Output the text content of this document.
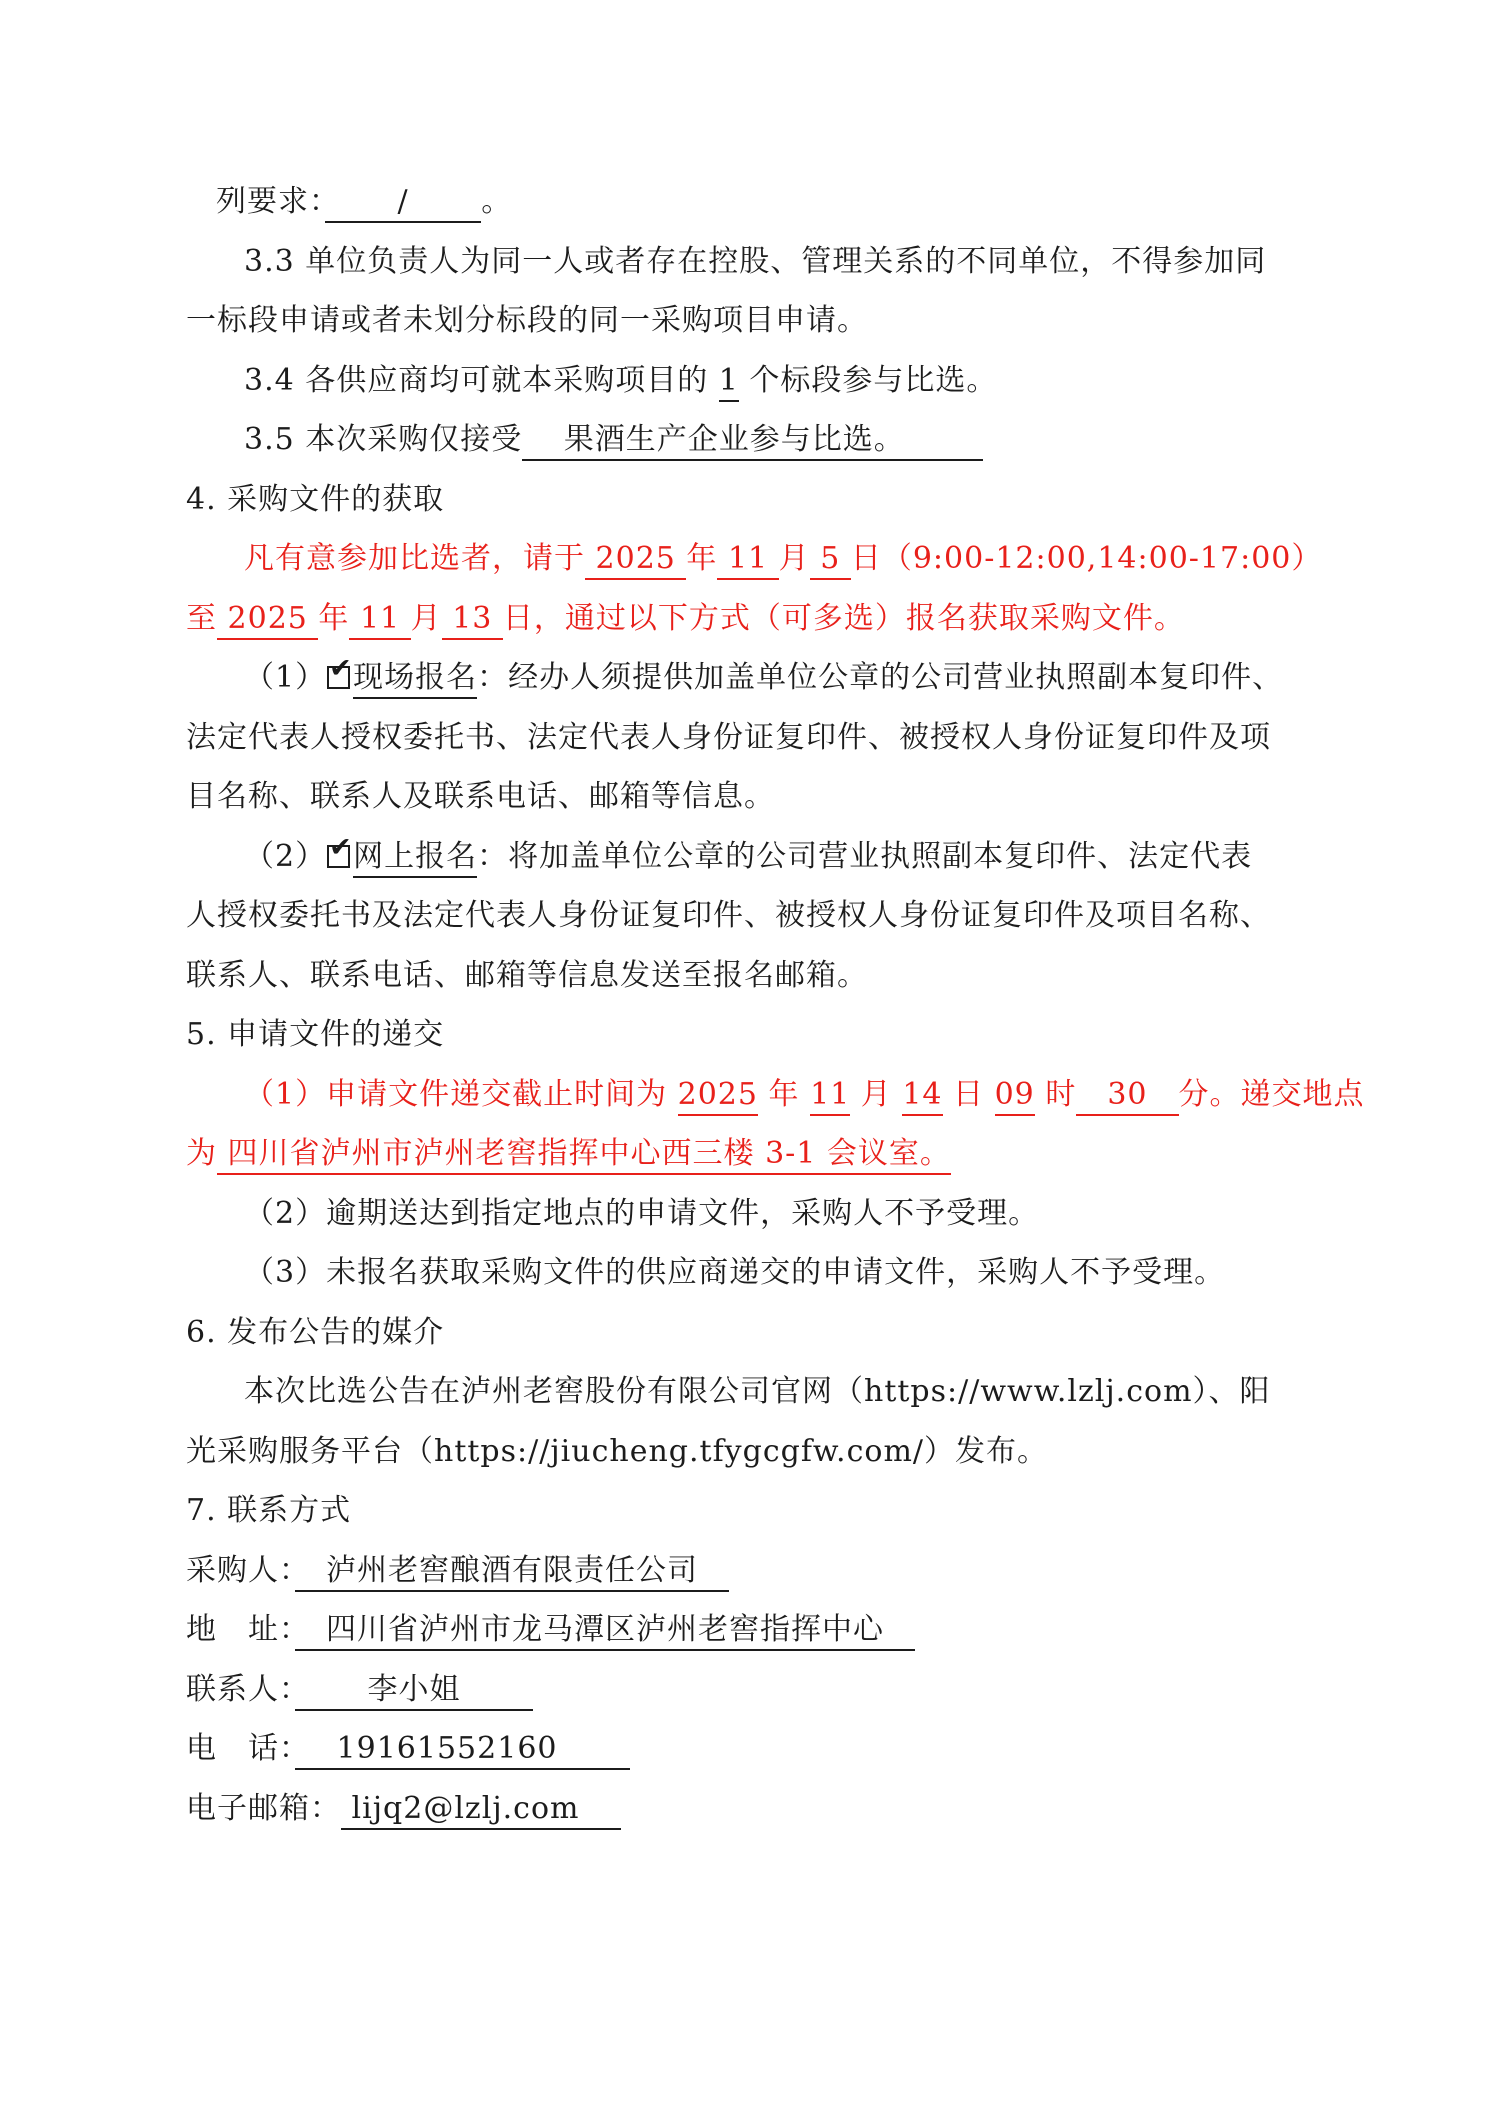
列要求：　　 / 　　。
3.3 单位负责人为同一人或者存在控股、管理关系的不同单位，不得参加同
一标段申请或者未划分标段的同一采购项目申请。
3.4 各供应商均可就本采购项目的 1 个标段参与比选。
3.5 本次采购仅接受　 果酒生产企业参与比选。　　　
4. 采购文件的获取
凡有意参加比选者，请于 2025 年 11 月 5 日（9:00-12:00,14:00-17:00）
至 2025 年 11 月 13 日，通过以下方式（可多选）报名获取采购文件。
（1） ✔ 现场报名：经办人须提供加盖单位公章的公司营业执照副本复印件、
法定代表人授权委托书、法定代表人身份证复印件、被授权人身份证复印件及项
目名称、联系人及联系电话、邮箱等信息。
（2） ✔ 网上报名：将加盖单位公章的公司营业执照副本复印件、法定代表
人授权委托书及法定代表人身份证复印件、被授权人身份证复印件及项目名称、
联系人、联系电话、邮箱等信息发送至报名邮箱。
5. 申请文件的递交
（1）申请文件递交截止时间为 2025 年 11 月 14 日 09 时　30　分。递交地点
为 四川省泸州市泸州老窖指挥中心西三楼 3-1 会议室。
（2）逾期送达到指定地点的申请文件，采购人不予受理。
（3）未报名获取采购文件的供应商递交的申请文件，采购人不予受理。
6. 发布公告的媒介
本次比选公告在泸州老窖股份有限公司官网（https://www.lzlj.com）、阳
光采购服务平台（https://jiucheng.tfygcgfw.com/）发布。
7. 联系方式
采购人：　泸州老窖酿酒有限责任公司　
地　址：　四川省泸州市龙马潭区泸州老窖指挥中心　
联系人：　　 李小姐 　　
电　话：　 19161552160 　　
电子邮箱： lijq2@lzlj.com　
